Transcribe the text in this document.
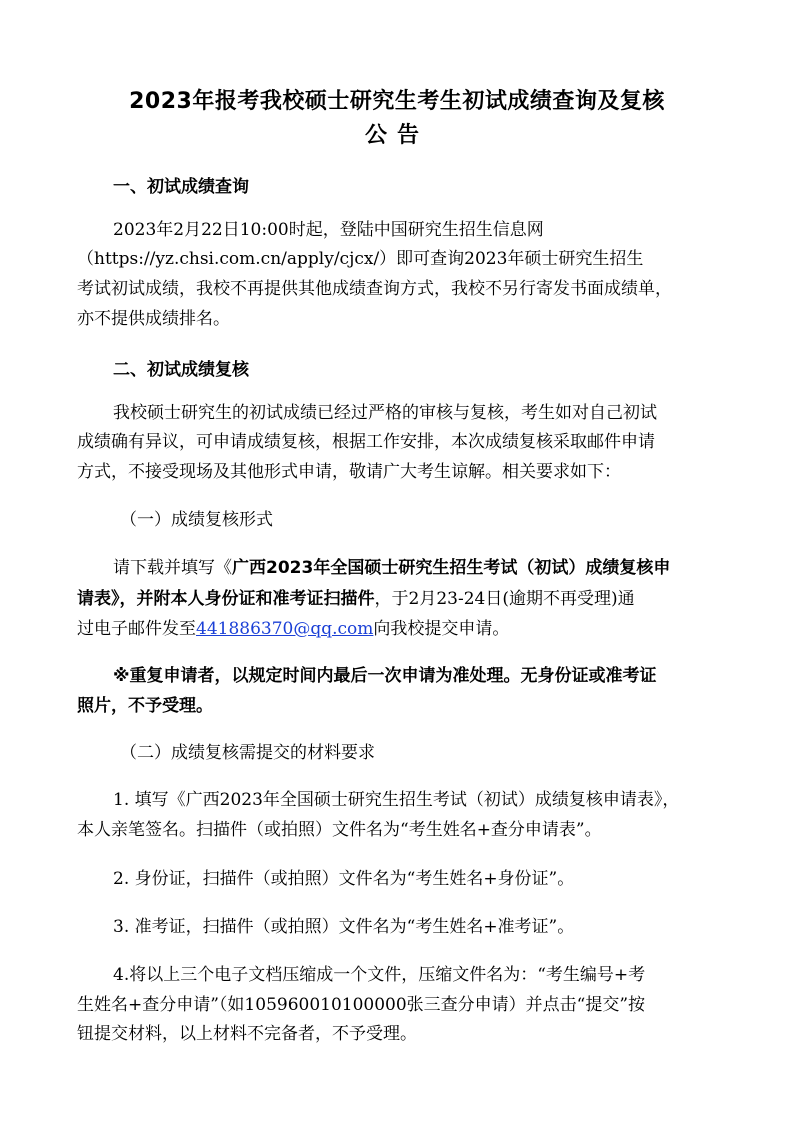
2023年报考我校硕士研究生考生初试成绩查询及复核
公告
一、初试成绩查询
2023年2月22日10:00时起，登陆中国研究生招生信息网
（https://yz.chsi.com.cn/apply/cjcx/）即可查询2023年硕士研究生招生
考试初试成绩，我校不再提供其他成绩查询方式，我校不另行寄发书面成绩单，
亦不提供成绩排名。
二、初试成绩复核
我校硕士研究生的初试成绩已经过严格的审核与复核，考生如对自己初试
成绩确有异议，可申请成绩复核，根据工作安排，本次成绩复核采取邮件申请
方式，不接受现场及其他形式申请，敬请广大考生谅解。相关要求如下：
（一）成绩复核形式
请下载并填写《广西2023年全国硕士研究生招生考试（初试）成绩复核申
请表》，并附本人身份证和准考证扫描件，于2月23-24日(逾期不再受理)通
过电子邮件发至441886370@qq.com向我校提交申请。
※重复申请者，以规定时间内最后一次申请为准处理。无身份证或准考证
照片，不予受理。
（二）成绩复核需提交的材料要求
1. 填写《广西2023年全国硕士研究生招生考试（初试）成绩复核申请表》，
本人亲笔签名。扫描件（或拍照）文件名为“考生姓名+查分申请表”。
2. 身份证，扫描件（或拍照）文件名为“考生姓名+身份证”。
3. 准考证，扫描件（或拍照）文件名为“考生姓名+准考证”。
4.将以上三个电子文档压缩成一个文件，压缩文件名为：“考生编号+考
生姓名+查分申请”（如105960010100000张三查分申请）并点击“提交”按
钮提交材料，以上材料不完备者，不予受理。
